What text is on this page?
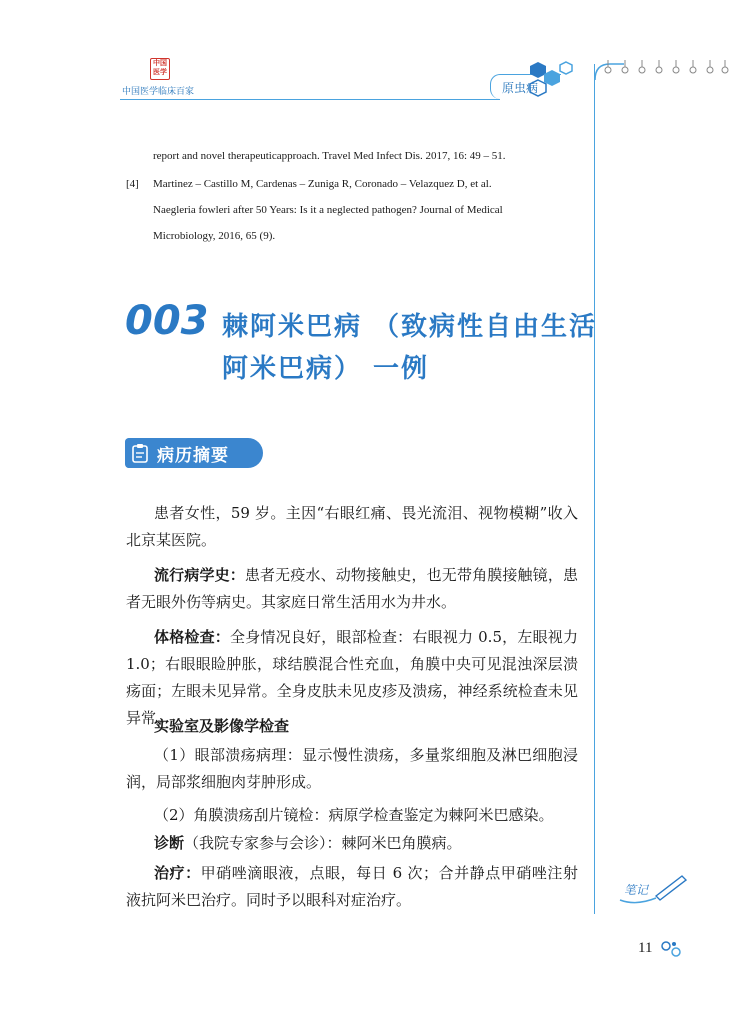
中国
医学
中国医学临床百家	原虫病
report and novel therapeuticapproach. Travel Med Infect Dis. 2017, 16: 49 – 51.
[4] Martinez – Castillo M, Cardenas – Zuniga R, Coronado – Velazquez D, et al.
Naegleria fowleri after 50 Years: Is it a neglected pathogen? Journal of Medical
Microbiology, 2016, 65 (9).
003 棘阿米巴病 （致病性自由生活
阿米巴病） 一例
病历摘要
患者女性，59 岁。主因“右眼红痛、畏光流泪、视物模糊”收入北京某医院。
流行病学史：患者无疫水、动物接触史，也无带角膜接触镜，患者无眼外伤等病史。其家庭日常生活用水为井水。
体格检查：全身情况良好，眼部检查：右眼视力 0.5，左眼视力 1.0；右眼眼睑肿胀，球结膜混合性充血，角膜中央可见混浊深层溃疡面；左眼未见异常。全身皮肤未见皮疹及溃疡，神经系统检查未见异常。
实验室及影像学检查
（1）眼部溃疡病理：显示慢性溃疡，多量浆细胞及淋巴细胞浸润，局部浆细胞肉芽肿形成。
（2）角膜溃疡刮片镜检：病原学检查鉴定为棘阿米巴感染。
诊断（我院专家参与会诊）：棘阿米巴角膜病。
治疗：甲硝唑滴眼液，点眼，每日 6 次；合并静点甲硝唑注射液抗阿米巴治疗。同时予以眼科对症治疗。
笔记
11
